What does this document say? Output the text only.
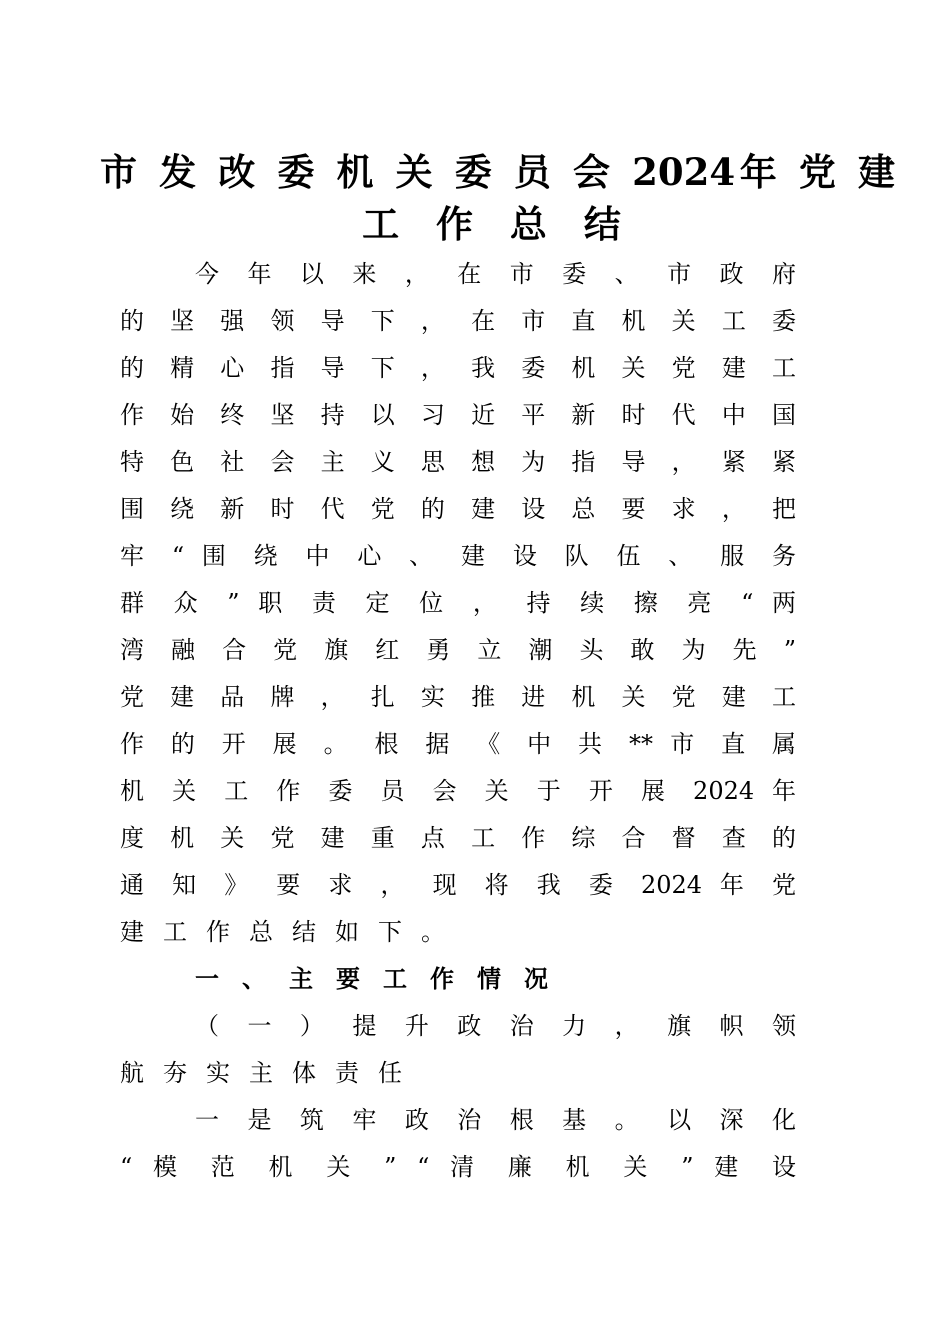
市 发 改 委 机 关 委 员 会 2024年 党 建
工 作 总 结
今 年 以 来 ， 在 市 委 、 市 政 府
的 坚 强 领 导 下 ， 在 市 直 机 关 工 委
的 精 心 指 导 下 ， 我 委 机 关 党 建 工
作 始 终 坚 持 以 习 近 平 新 时 代 中 国
特 色 社 会 主 义 思 想 为 指 导 ， 紧 紧
围 绕 新 时 代 党 的 建 设 总 要 求 ， 把
牢 “ 围 绕 中 心 、 建 设 队 伍 、 服 务
群 众 ” 职 责 定 位 ， 持 续 擦 亮 “ 两
湾 融 合 党 旗 红 勇 立 潮 头 敢 为 先 ”
党 建 品 牌 ， 扎 实 推 进 机 关 党 建 工
作 的 开 展 。 根 据 《 中 共 ** 市 直 属
机 关 工 作 委 员 会 关 于 开 展 2024 年
度 机 关 党 建 重 点 工 作 综 合 督 查 的
通 知 》 要 求 ， 现 将 我 委 2024 年 党
建工作总结如下。
一、主要工作情况
（ 一 ） 提 升 政 治 力 ， 旗 帜 领
航夯实主体责任
一 是 筑 牢 政 治 根 基 。 以 深 化
“ 模 范 机 关 ” “ 清 廉 机 关 ” 建 设
